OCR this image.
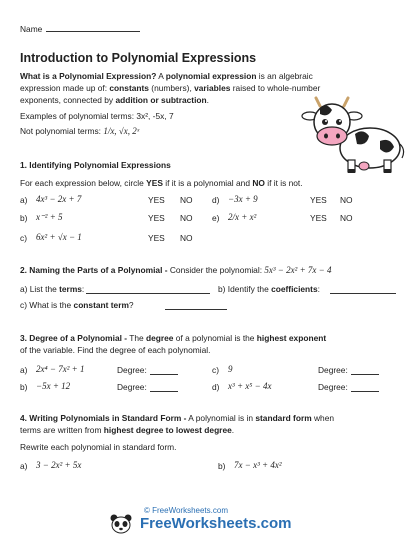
Name
Introduction to Polynomial Expressions
What is a Polynomial Expression? A polynomial expression is an algebraic
expression made up of: constants (numbers), variables raised to whole-number
exponents, connected by addition or subtraction.
Examples of polynomial terms: 3x², -5x, 7
Not polynomial terms: 1/x, √x, 2ˣ
1. Identifying Polynomial Expressions
For each expression below, circle YES if it is a polynomial and NO if it is not.
a) 4x³ − 2x + 7	YES NO d) −3x + 9	YES NO
b) x⁻² + 5	YES NO e) 2/x + x²	YES NO
c) 6x² + √x − 1	YES NO
2. Naming the Parts of a Polynomial - Consider the polynomial: 5x³ − 2x² + 7x − 4
a) List the terms:	b) Identify the coefficients:
c) What is the constant term?
3. Degree of a Polynomial - The degree of a polynomial is the highest exponent
of the variable. Find the degree of each polynomial.
a) 2x⁴ − 7x² + 1	Degree:	c) 9	Degree:
b) −5x + 12	Degree:	d) x³ + x⁵ − 4x	Degree:
4. Writing Polynomials in Standard Form - A polynomial is in standard form when
terms are written from highest degree to lowest degree.
Rewrite each polynomial in standard form.
a) 3 − 2x² + 5x	b) 7x − x³ + 4x²
© FreeWorksheets.com
FreeWorksheets.com
